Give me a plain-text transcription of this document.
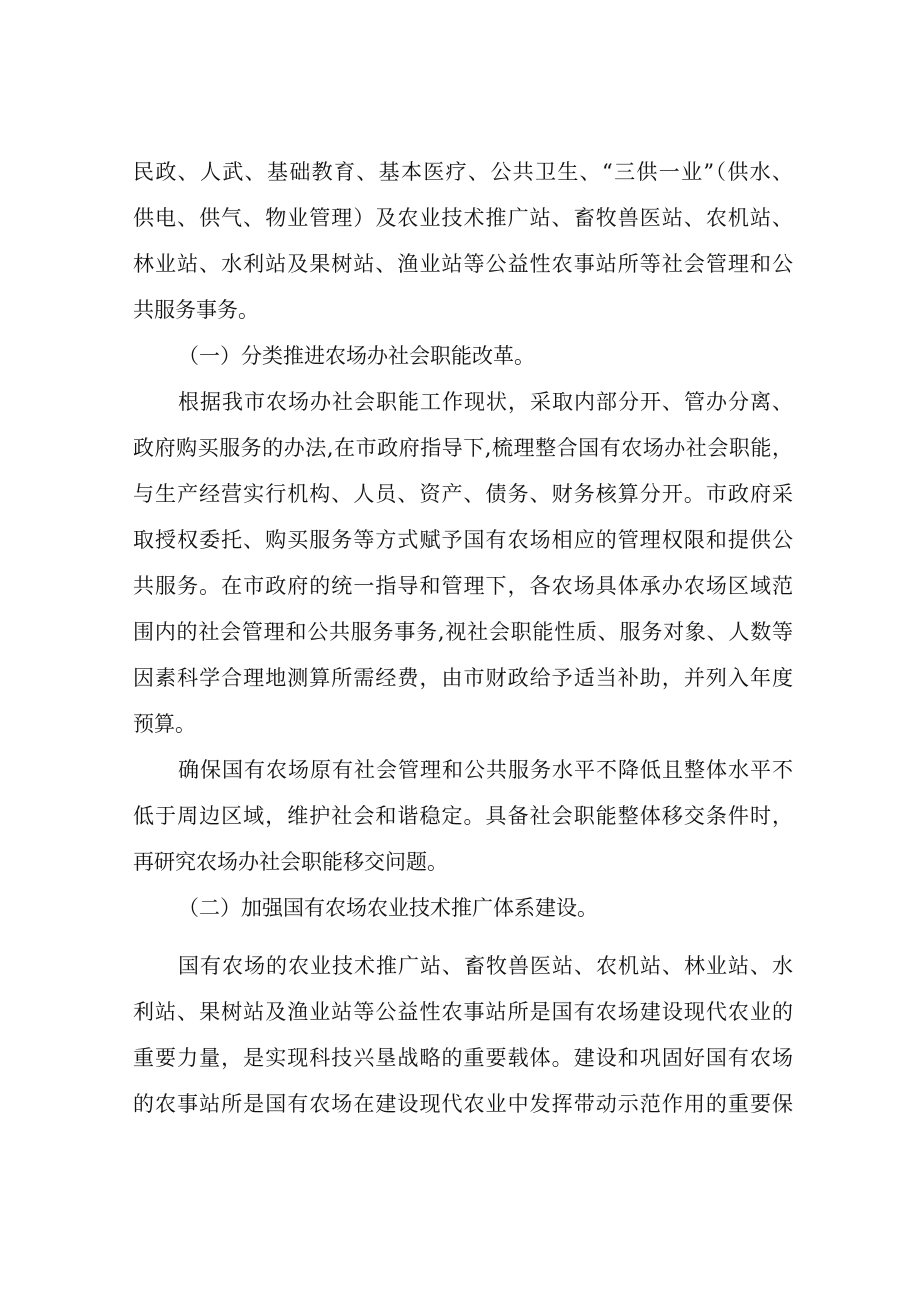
民政、人武、基础教育、基本医疗、公共卫生、“三供一业”（供水、
供电、供气、物业管理）及农业技术推广站、畜牧兽医站、农机站、
林业站、水利站及果树站、渔业站等公益性农事站所等社会管理和公
共服务事务。
（一）分类推进农场办社会职能改革。
根据我市农场办社会职能工作现状，采取内部分开、管办分离、
政府购买服务的办法,在市政府指导下,梳理整合国有农场办社会职能，
与生产经营实行机构、人员、资产、债务、财务核算分开。市政府采
取授权委托、购买服务等方式赋予国有农场相应的管理权限和提供公
共服务。在市政府的统一指导和管理下，各农场具体承办农场区域范
围内的社会管理和公共服务事务,视社会职能性质、服务对象、人数等
因素科学合理地测算所需经费，由市财政给予适当补助，并列入年度
预算。
确保国有农场原有社会管理和公共服务水平不降低且整体水平不
低于周边区域，维护社会和谐稳定。具备社会职能整体移交条件时，
再研究农场办社会职能移交问题。
（二）加强国有农场农业技术推广体系建设。
国有农场的农业技术推广站、畜牧兽医站、农机站、林业站、水
利站、果树站及渔业站等公益性农事站所是国有农场建设现代农业的
重要力量，是实现科技兴垦战略的重要载体。建设和巩固好国有农场
的农事站所是国有农场在建设现代农业中发挥带动示范作用的重要保
